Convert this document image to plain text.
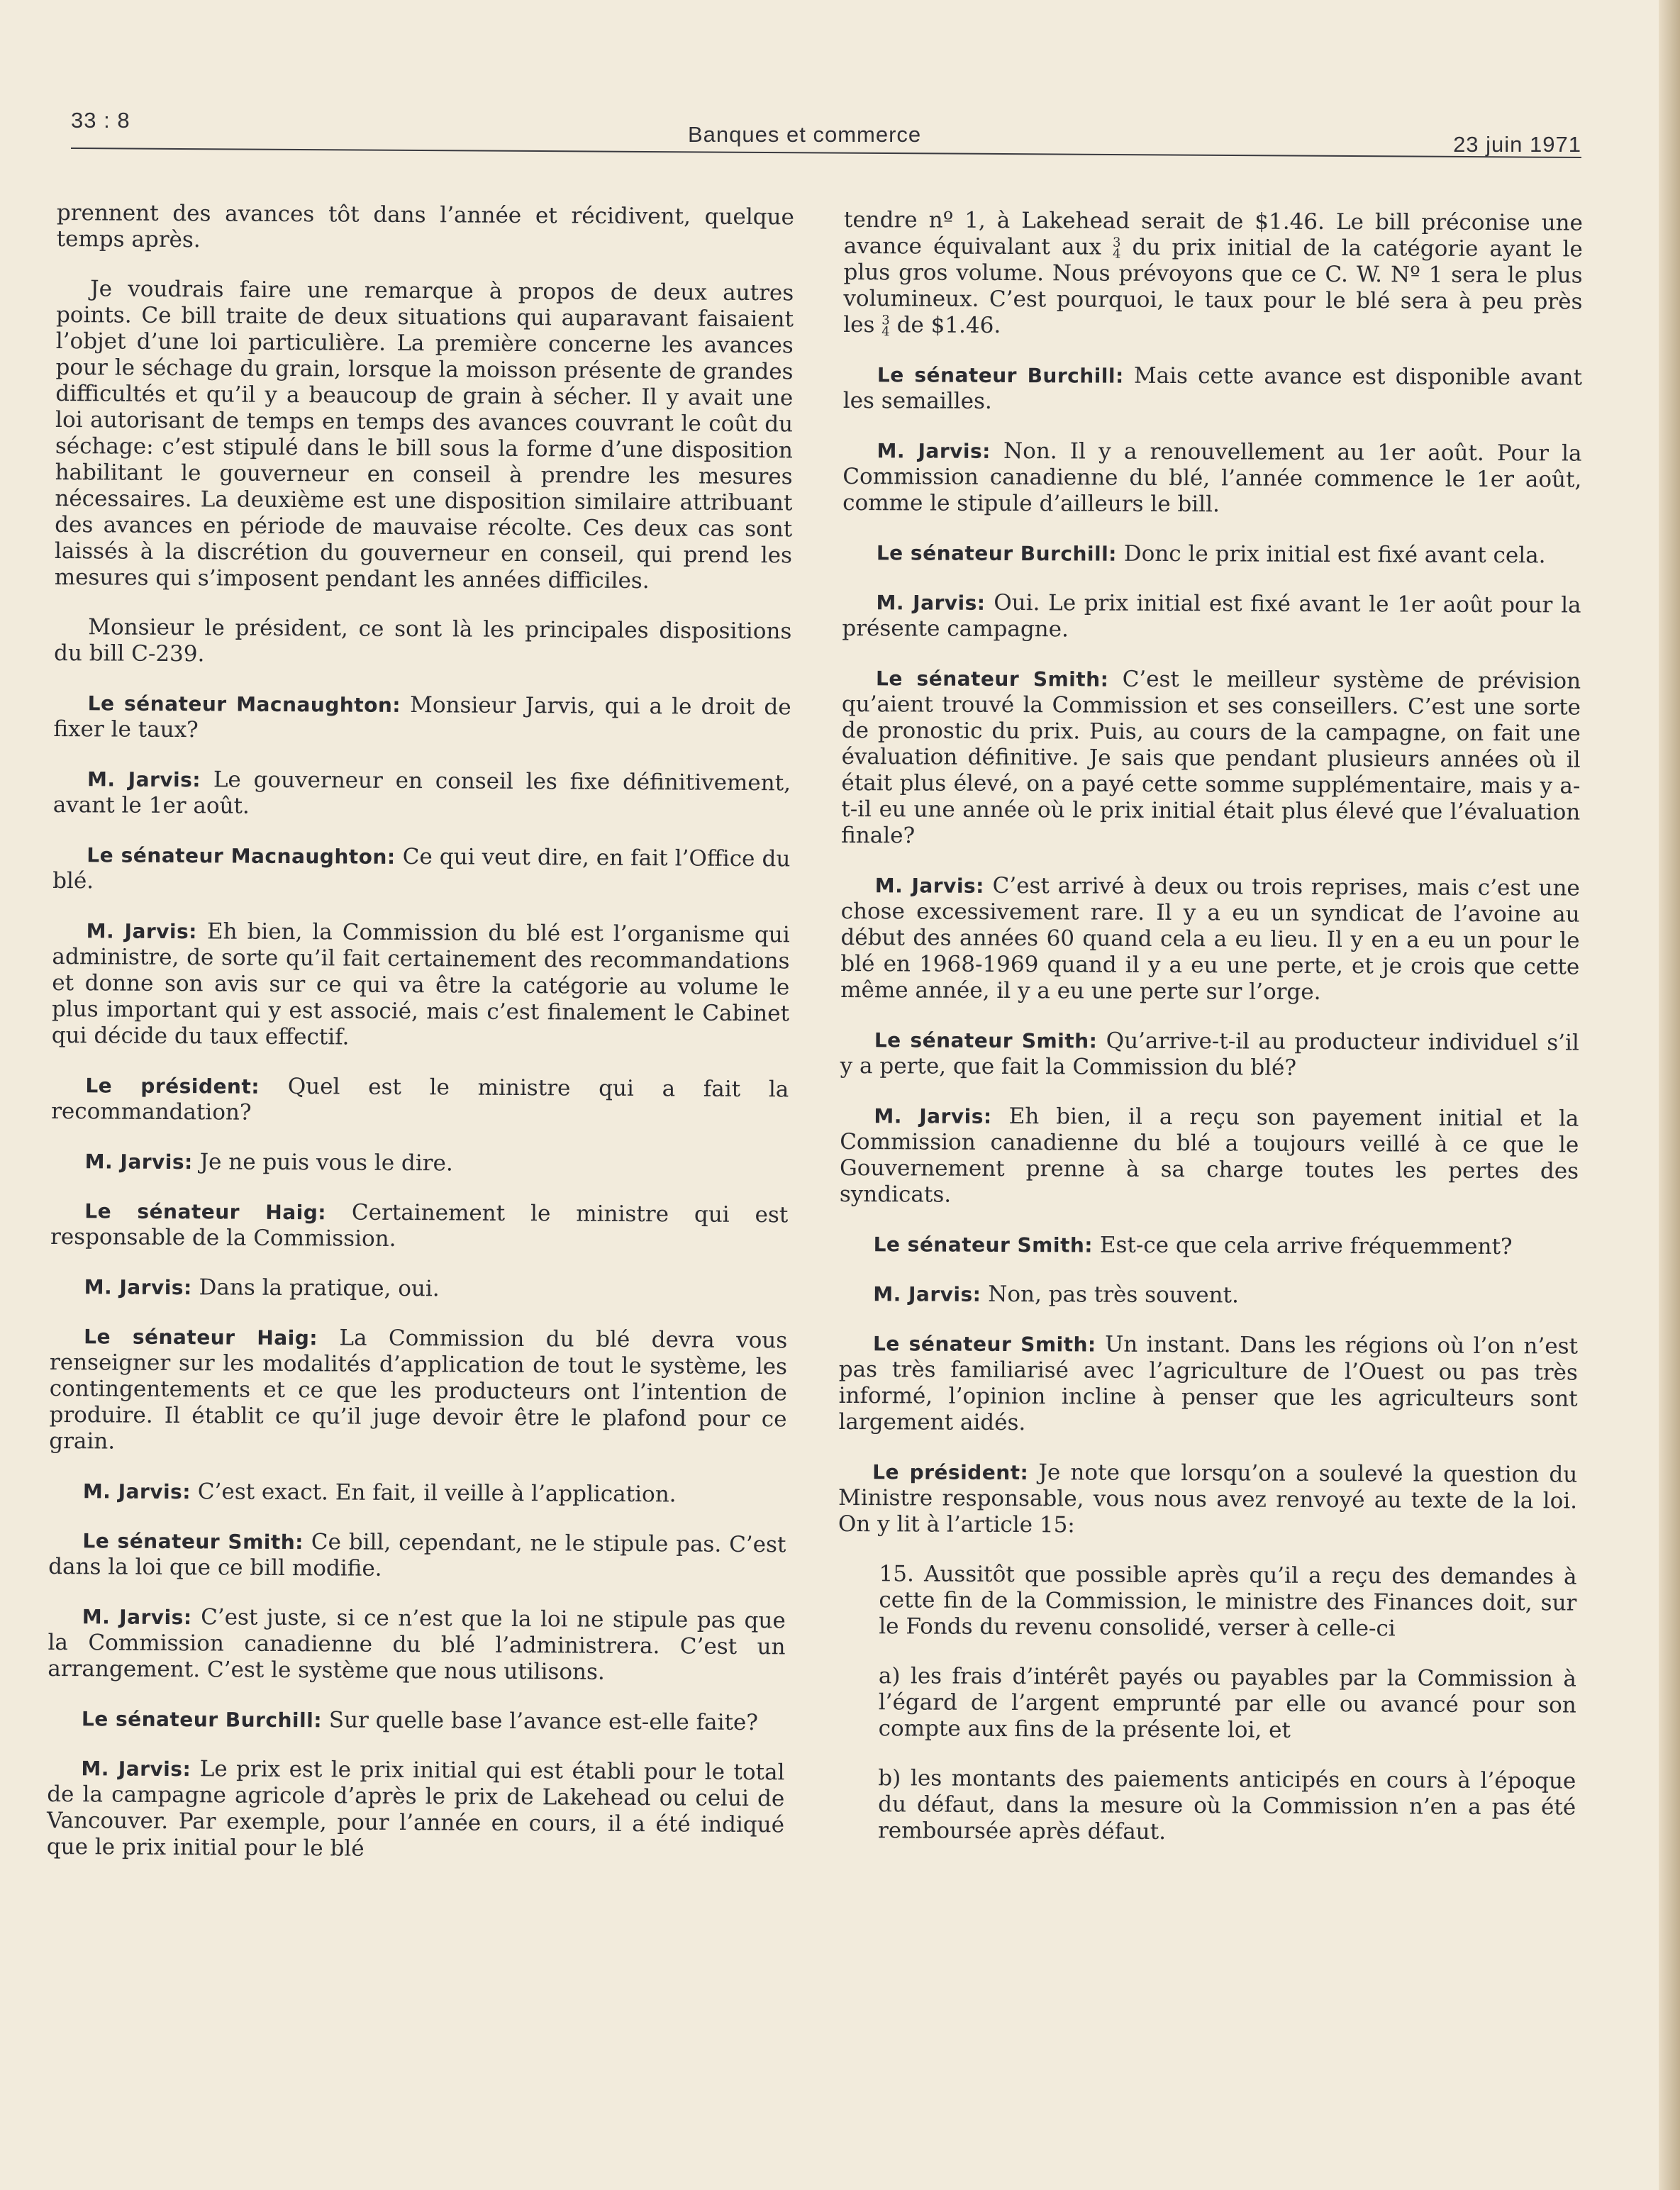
33 : 8
Banques et commerce	23 juin 1971

prennent des avances tôt dans l’année et récidivent, quelque temps après.

Je voudrais faire une remarque à propos de deux autres points. Ce bill traite de deux situations qui auparavant faisaient l’objet d’une loi particulière. La première concerne les avances pour le séchage du grain, lorsque la moisson présente de grandes difficultés et qu’il y a beaucoup de grain à sécher. Il y avait une loi autorisant de temps en temps des avances couvrant le coût du séchage: c’est stipulé dans le bill sous la forme d’une disposition habilitant le gouverneur en conseil à prendre les mesures nécessaires. La deuxième est une disposition similaire attribuant des avances en période de mauvaise récolte. Ces deux cas sont laissés à la discrétion du gouverneur en conseil, qui prend les mesures qui s’imposent pendant les années difficiles.

Monsieur le président, ce sont là les principales dispositions du bill C-239.

Le sénateur Macnaughton: Monsieur Jarvis, qui a le droit de fixer le taux?

M. Jarvis: Le gouverneur en conseil les fixe définitivement, avant le 1er août.

Le sénateur Macnaughton: Ce qui veut dire, en fait l’Office du blé.

M. Jarvis: Eh bien, la Commission du blé est l’organisme qui administre, de sorte qu’il fait certainement des recommandations et donne son avis sur ce qui va être la catégorie au volume le plus important qui y est associé, mais c’est finalement le Cabinet qui décide du taux effectif.

Le président: Quel est le ministre qui a fait la recommandation?

M. Jarvis: Je ne puis vous le dire.

Le sénateur Haig: Certainement le ministre qui est responsable de la Commission.

M. Jarvis: Dans la pratique, oui.

Le sénateur Haig: La Commission du blé devra vous renseigner sur les modalités d’application de tout le système, les contingentements et ce que les producteurs ont l’intention de produire. Il établit ce qu’il juge devoir être le plafond pour ce grain.

M. Jarvis: C’est exact. En fait, il veille à l’application.

Le sénateur Smith: Ce bill, cependant, ne le stipule pas. C’est dans la loi que ce bill modifie.

M. Jarvis: C’est juste, si ce n’est que la loi ne stipule pas que la Commission canadienne du blé l’administrera. C’est un arrangement. C’est le système que nous utilisons.

Le sénateur Burchill: Sur quelle base l’avance est-elle faite?

M. Jarvis: Le prix est le prix initial qui est établi pour le total de la campagne agricole d’après le prix de Lakehead ou celui de Vancouver. Par exemple, pour l’année en cours, il a été indiqué que le prix initial pour le blé

tendre nº 1, à Lakehead serait de $1.46. Le bill préconise une avance équivalant aux 3
4 du prix initial de la catégorie ayant le plus gros volume. Nous prévoyons que ce C. W. Nº 1 sera le plus volumineux. C’est pourquoi, le taux pour le blé sera à peu près les 3
4 de $1.46.

Le sénateur Burchill: Mais cette avance est disponible avant les semailles.

M. Jarvis: Non. Il y a renouvellement au 1er août. Pour la Commission canadienne du blé, l’année commence le 1er août, comme le stipule d’ailleurs le bill.

Le sénateur Burchill: Donc le prix initial est fixé avant cela.

M. Jarvis: Oui. Le prix initial est fixé avant le 1er août pour la présente campagne.

Le sénateur Smith: C’est le meilleur système de prévision qu’aient trouvé la Commission et ses conseillers. C’est une sorte de pronostic du prix. Puis, au cours de la campagne, on fait une évaluation définitive. Je sais que pendant plusieurs années où il était plus élevé, on a payé cette somme supplémentaire, mais y a-t-il eu une année où le prix initial était plus élevé que l’évaluation finale?

M. Jarvis: C’est arrivé à deux ou trois reprises, mais c’est une chose excessivement rare. Il y a eu un syndicat de l’avoine au début des années 60 quand cela a eu lieu. Il y en a eu un pour le blé en 1968-1969 quand il y a eu une perte, et je crois que cette même année, il y a eu une perte sur l’orge.

Le sénateur Smith: Qu’arrive-t-il au producteur individuel s’il y a perte, que fait la Commission du blé?

M. Jarvis: Eh bien, il a reçu son payement initial et la Commission canadienne du blé a toujours veillé à ce que le Gouvernement prenne à sa charge toutes les pertes des syndicats.

Le sénateur Smith: Est-ce que cela arrive fréquemment?

M. Jarvis: Non, pas très souvent.

Le sénateur Smith: Un instant. Dans les régions où l’on n’est pas très familiarisé avec l’agriculture de l’Ouest ou pas très informé, l’opinion incline à penser que les agriculteurs sont largement aidés.

Le président: Je note que lorsqu’on a soulevé la question du Ministre responsable, vous nous avez renvoyé au texte de la loi. On y lit à l’article 15:

15. Aussitôt que possible après qu’il a reçu des demandes à cette fin de la Commission, le ministre des Finances doit, sur le Fonds du revenu consolidé, verser à celle-ci

a) les frais d’intérêt payés ou payables par la Commission à l’égard de l’argent emprunté par elle ou avancé pour son compte aux fins de la présente loi, et

b) les montants des paiements anticipés en cours à l’époque du défaut, dans la mesure où la Commission n’en a pas été remboursée après défaut.
